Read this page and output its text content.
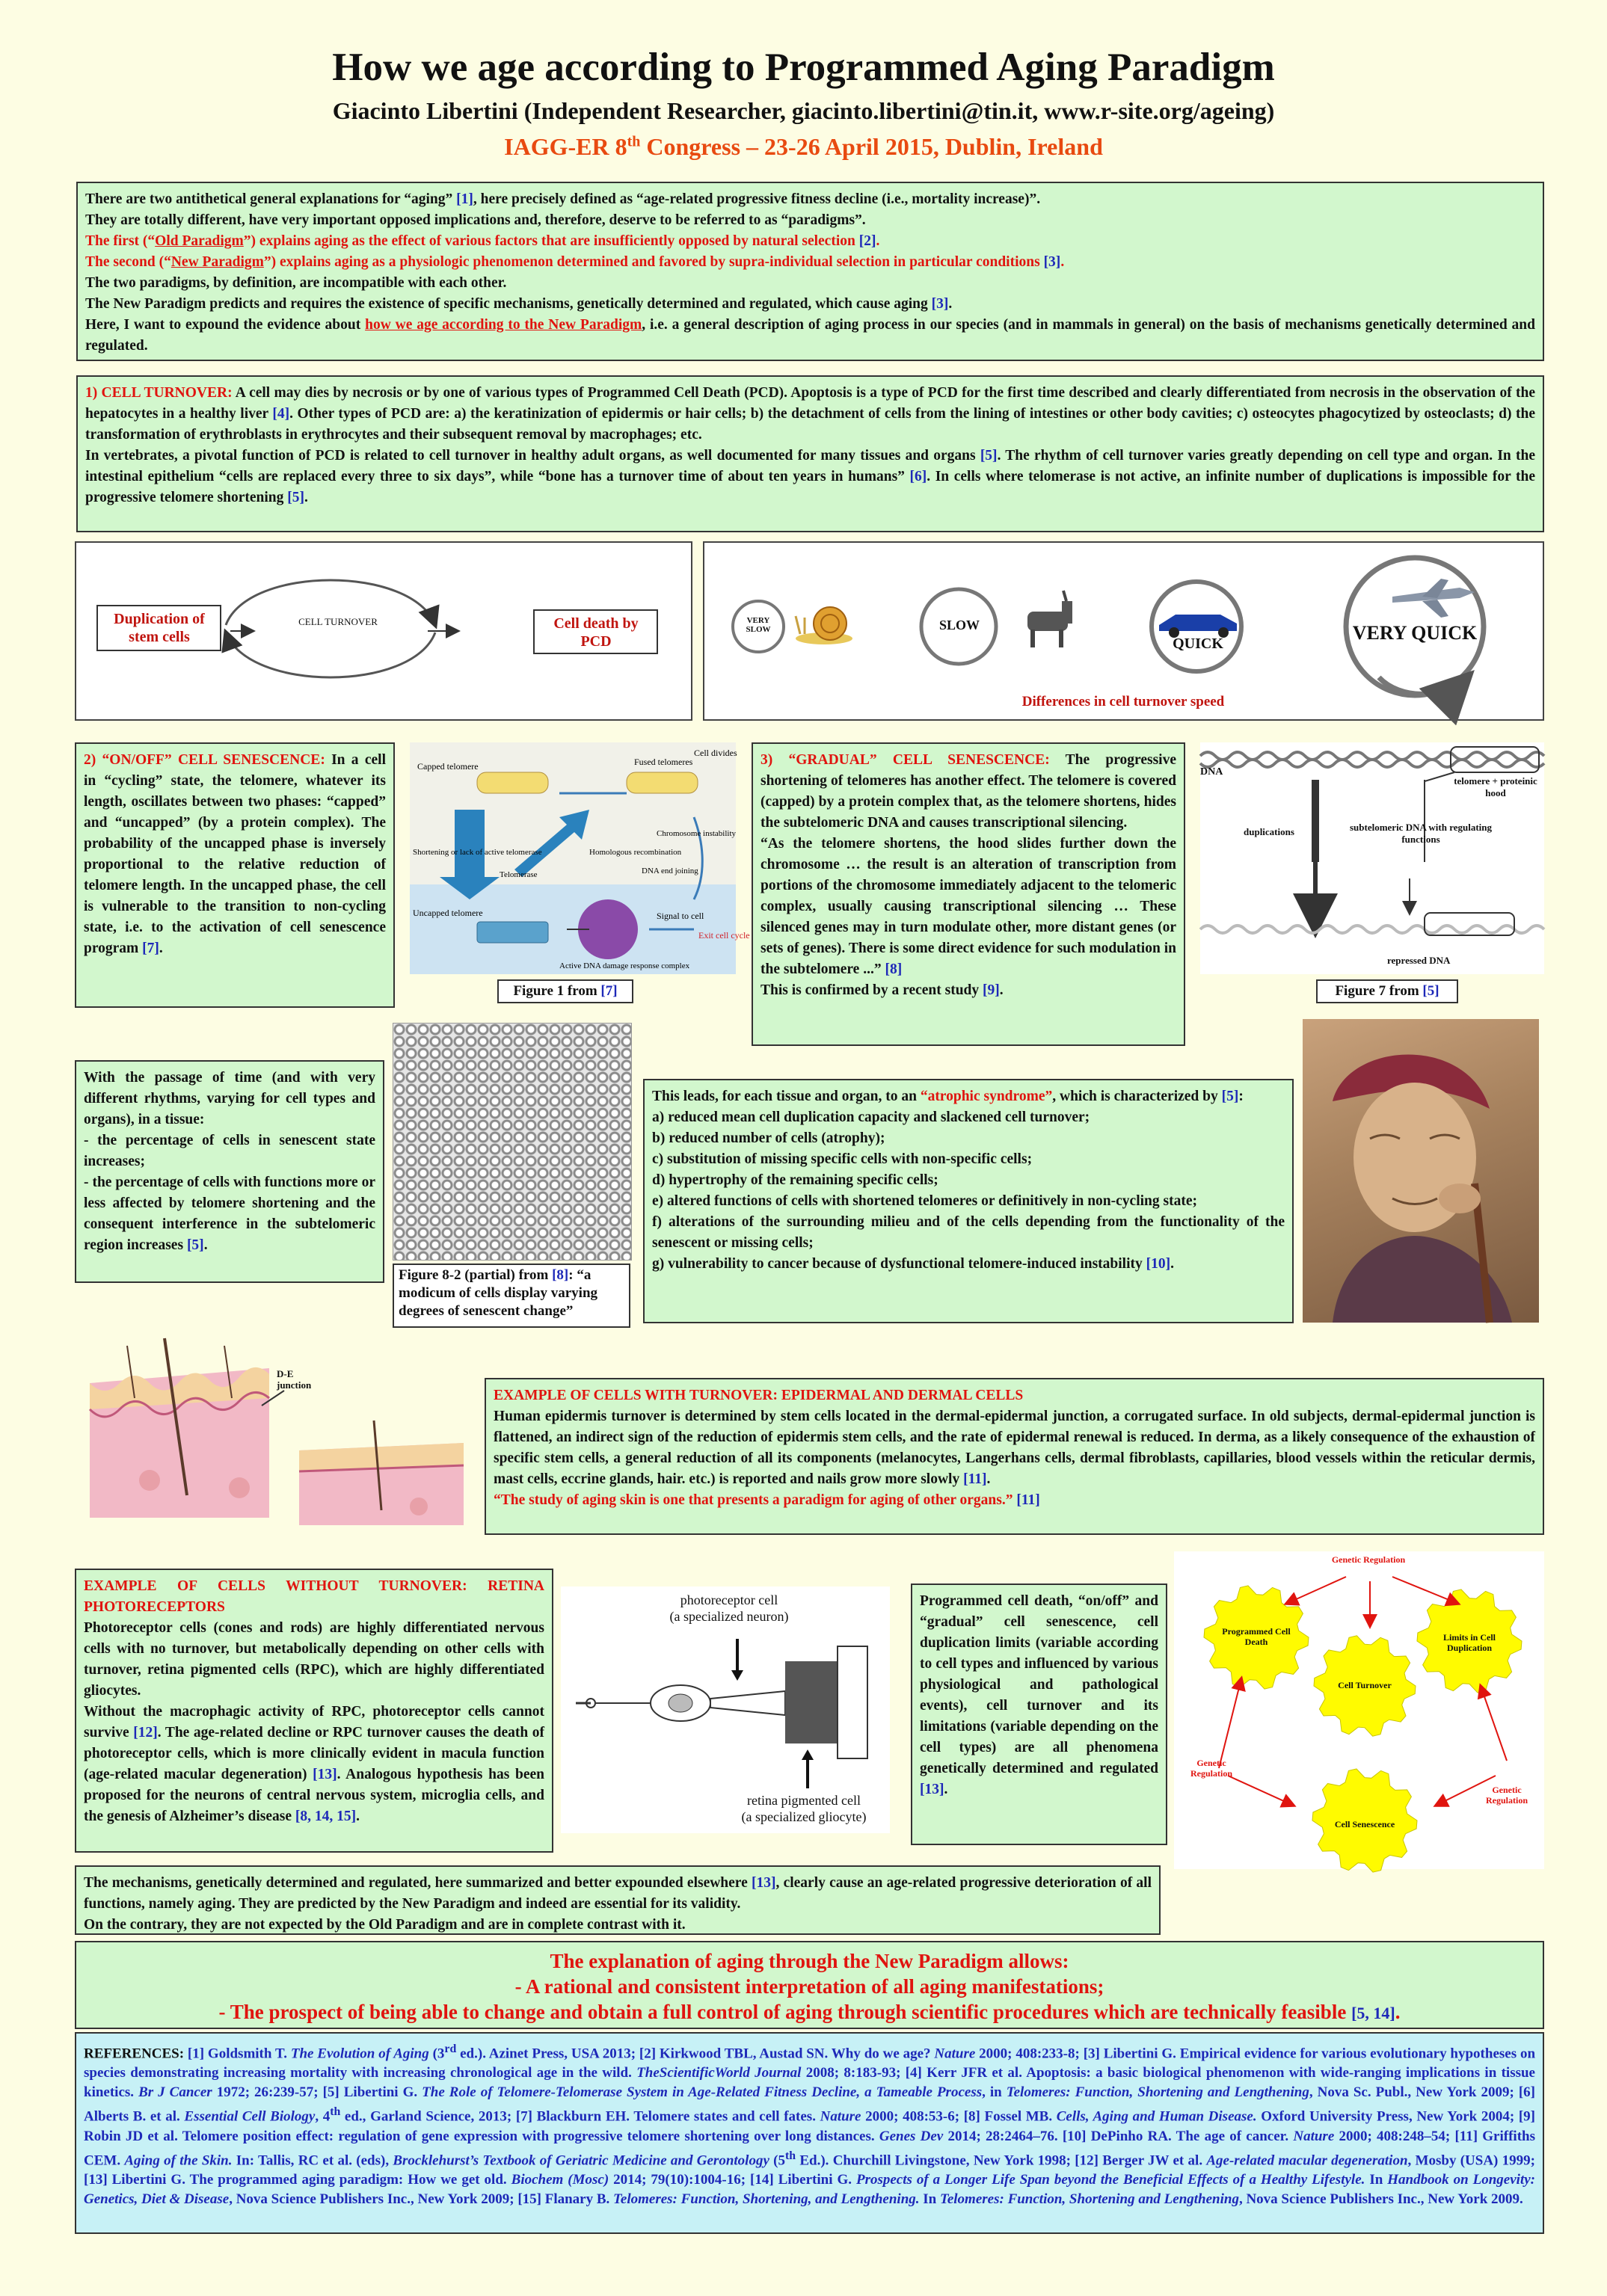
How we age according to Programmed Aging Paradigm
Giacinto Libertini (Independent Researcher, giacinto.libertini@tin.it, www.r-site.org/ageing)
IAGG-ER 8th Congress – 23-26 April 2015, Dublin, Ireland

There are two antithetical general explanations for “aging” [1], here precisely defined as “age-related progressive fitness decline (i.e., mortality increase)”.

They are totally different, have very important opposed implications and, therefore, deserve to be referred to as “paradigms”.

The first (“Old Paradigm”) explains aging as the effect of various factors that are insufficiently opposed by natural selection [2].

The second (“New Paradigm”) explains aging as a physiologic phenomenon determined and favored by supra-individual selection in particular conditions [3].

The two paradigms, by definition, are incompatible with each other.

The New Paradigm predicts and requires the existence of specific mechanisms, genetically determined and regulated, which cause aging [3].

Here, I want to expound the evidence about how we age according to the New Paradigm, i.e. a general description of aging process in our species (and in mammals in general) on the basis of mechanisms genetically determined and regulated.

1) CELL TURNOVER: A cell may dies by necrosis or by one of various types of Programmed Cell Death (PCD). Apoptosis is a type of PCD for the first time described and clearly differentiated from necrosis in the observation of the hepatocytes in a healthy liver [4]. Other types of PCD are: a) the keratinization of epidermis or hair cells; b) the detachment of cells from the lining of intestines or other body cavities; c) osteocytes phagocytized by osteoclasts; d) the transformation of erythroblasts in erythrocytes and their subsequent removal by macrophages; etc.

In vertebrates, a pivotal function of PCD is related to cell turnover in healthy adult organs, as well documented for many tissues and organs [5]. The rhythm of cell turnover varies greatly depending on cell type and organ. In the intestinal epithelium “cells are replaced every three to six days”, while “bone has a turnover time of about ten years in humans” [6]. In cells where telomerase is not active, an infinite number of duplications is impossible for the progressive telomere shortening [5].

Duplication of stem cells
CELL TURNOVER	Cell death by PCD
VERY SLOW	SLOW
QUICK	VERY QUICK
Differences in cell turnover speed

2) “ON/OFF” CELL SENESCENCE: In a cell in “cycling” state, the telomere, whatever its length, oscillates between two phases: “capped” and “uncapped” (by a protein complex). The probability of the uncapped phase is inversely proportional to the relative reduction of telomere length. In the uncapped phase, the cell is vulnerable to the transition to non-cycling state, i.e. to the activation of cell senescence program [7].

Capped telomere	Fused telomeres
Cell divides
Shortening or lack of active telomerase
Telomerase
Homologous recombination
Chromosome instability
DNA end joining
Uncapped telomere	Signal to cell
Exit cell cycle
Active DNA damage response complex
Figure 1 from [7]

3) “GRADUAL” CELL SENESCENCE: The progressive shortening of telomeres has another effect. The telomere is covered (capped) by a protein complex that, as the telomere shortens, hides the subtelomeric DNA and causes transcriptional silencing.

“As the telomere shortens, the hood slides further down the chromosome … the result is an alteration of transcription from portions of the chromosome immediately adjacent to the telomeric complex, usually causing transcriptional silencing … These silenced genes may in turn modulate other, more distant genes (or sets of genes). There is some direct evidence for such modulation in the subtelomere ...” [8]

This is confirmed by a recent study [9].

DNA
telomere + proteinic hood
duplications	subtelomeric DNA with regulating functions
repressed DNA
Figure 7 from [5]

With the passage of time (and with very different rhythms, varying for cell types and organs), in a tissue:

- the percentage of cells in senescent state increases;

- the percentage of cells with functions more or less affected by telomere shortening and the consequent interference in the subtelomeric region increases [5].

Figure 8-2 (partial) from [8]: “a modicum of cells display varying degrees of senescent change”

This leads, for each tissue and organ, to an “atrophic syndrome”, which is characterized by [5]:

a) reduced mean cell duplication capacity and slackened cell turnover;

b) reduced number of cells (atrophy);

c) substitution of missing specific cells with non-specific cells;

d) hypertrophy of the remaining specific cells;

e) altered functions of cells with shortened telomeres or definitively in non-cycling state;

f) alterations of the surrounding milieu and of the cells depending from the functionality of the senescent or missing cells;

g) vulnerability to cancer because of dysfunctional telomere-induced instability [10].

D-E junction

EXAMPLE OF CELLS WITH TURNOVER: EPIDERMAL AND DERMAL CELLS

Human epidermis turnover is determined by stem cells located in the dermal-epidermal junction, a corrugated surface. In old subjects, dermal-epidermal junction is flattened, an indirect sign of the reduction of epidermis stem cells, and the rate of epidermal renewal is reduced. In derma, as a likely consequence of the exhaustion of specific stem cells, a general reduction of all its components (melanocytes, Langerhans cells, dermal fibroblasts, capillaries, blood vessels within the reticular dermis, mast cells, eccrine glands, hair. etc.) is reported and nails grow more slowly [11].

“The study of aging skin is one that presents a paradigm for aging of other organs.” [11]

EXAMPLE OF CELLS WITHOUT TURNOVER: RETINA PHOTORECEPTORS

Photoreceptor cells (cones and rods) are highly differentiated nervous cells with no turnover, but metabolically depending on other cells with turnover, retina pigmented cells (RPC), which are highly differentiated gliocytes.

Without the macrophagic activity of RPC, photoreceptor cells cannot survive [12]. The age-related decline or RPC turnover causes the death of photoreceptor cells, which is more clinically evident in macula function (age-related macular degeneration) [13]. Analogous hypothesis has been proposed for the neurons of central nervous system, microglia cells, and the genesis of Alzheimer’s disease [8, 14, 15].

photoreceptor cell
(a specialized neuron)
retina pigmented cell
(a specialized gliocyte)

Programmed cell death, “on/off” and “gradual” cell senescence, cell duplication limits (variable according to cell types and influenced by various physiological and pathological events), cell turnover and its limitations (variable depending on the cell types) are all phenomena genetically determined and regulated [13].

Genetic Regulation
Genetic Regulation
Genetic Regulation
Programmed Cell Death	Limits in Cell Duplication
Cell Turnover
Cell Senescence

The mechanisms, genetically determined and regulated, here summarized and better expounded elsewhere [13], clearly cause an age-related progressive deterioration of all functions, namely aging. They are predicted by the New Paradigm and indeed are essential for its validity.

On the contrary, they are not expected by the Old Paradigm and are in complete contrast with it.

The explanation of aging through the New Paradigm allows:

- A rational and consistent interpretation of all aging manifestations;

- The prospect of being able to change and obtain a full control of aging through scientific procedures which are technically feasible [5, 14].

REFERENCES: [1] Goldsmith T. The Evolution of Aging (3rd ed.). Azinet Press, USA 2013; [2] Kirkwood TBL, Austad SN. Why do we age? Nature 2000; 408:233-8; [3] Libertini G. Empirical evidence for various evolutionary hypotheses on species demonstrating increasing mortality with increasing chronological age in the wild. TheScientificWorld Journal 2008; 8:183-93; [4] Kerr JFR et al. Apoptosis: a basic biological phenomenon with wide-ranging implications in tissue kinetics. Br J Cancer 1972; 26:239-57; [5] Libertini G. The Role of Telomere-Telomerase System in Age-Related Fitness Decline, a Tameable Process, in Telomeres: Function, Shortening and Lengthening, Nova Sc. Publ., New York 2009; [6] Alberts B. et al. Essential Cell Biology, 4th ed., Garland Science, 2013; [7] Blackburn EH. Telomere states and cell fates. Nature 2000; 408:53-6; [8] Fossel MB. Cells, Aging and Human Disease. Oxford University Press, New York 2004; [9] Robin JD et al. Telomere position effect: regulation of gene expression with progressive telomere shortening over long distances. Genes Dev 2014; 28:2464–76. [10] DePinho RA. The age of cancer. Nature 2000; 408:248–54; [11] Griffiths CEM. Aging of the Skin. In: Tallis, RC et al. (eds), Brocklehurst’s Textbook of Geriatric Medicine and Gerontology (5th Ed.). Churchill Livingstone, New York 1998; [12] Berger JW et al. Age-related macular degeneration, Mosby (USA) 1999; [13] Libertini G. The programmed aging paradigm: How we get old. Biochem (Mosc) 2014; 79(10):1004-16; [14] Libertini G. Prospects of a Longer Life Span beyond the Beneficial Effects of a Healthy Lifestyle. In Handbook on Longevity: Genetics, Diet & Disease, Nova Science Publishers Inc., New York 2009; [15] Flanary B. Telomeres: Function, Shortening, and Lengthening. In Telomeres: Function, Shortening and Lengthening, Nova Science Publishers Inc., New York 2009.
